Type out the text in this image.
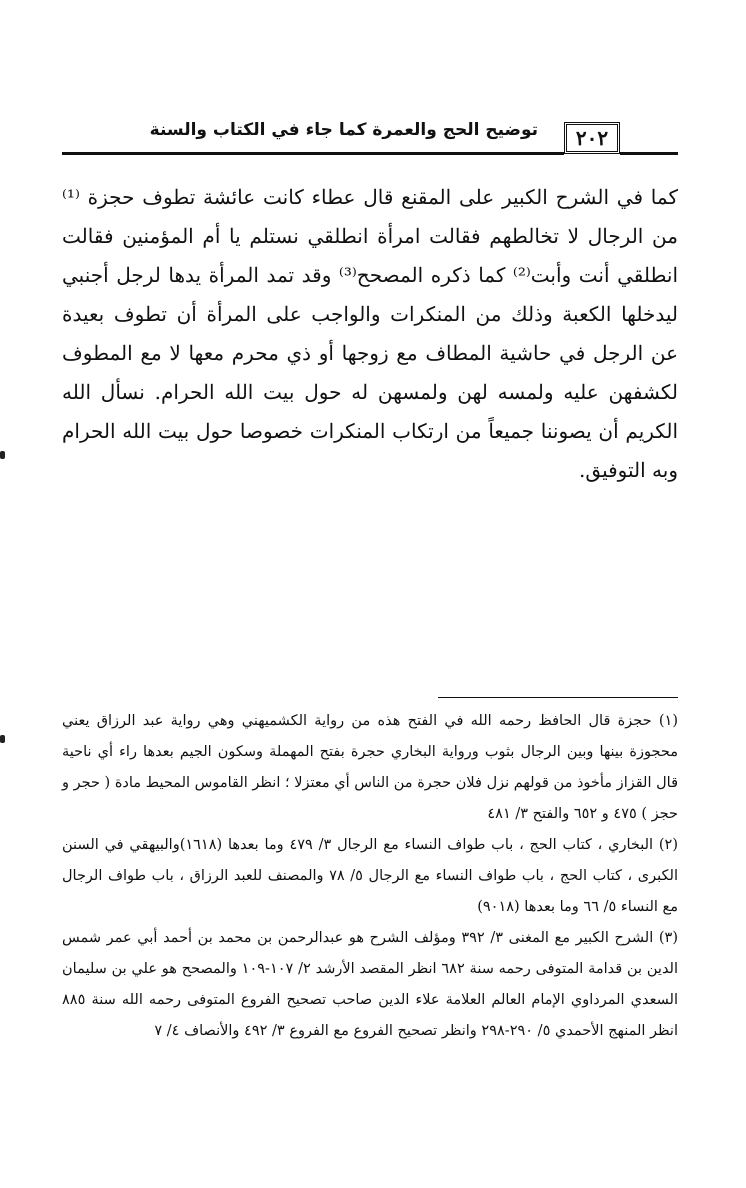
٢٠٢
توضيح الحج والعمرة كما جاء في الكتاب والسنة

كما في الشرح الكبير على المقنع قال عطاء كانت عائشة تطوف حجزة ⁽¹⁾ من الرجال لا تخالطهم فقالت امرأة انطلقي نستلم يا أم المؤمنين فقالت انطلقي أنت وأبت⁽²⁾ كما ذكره المصحح⁽³⁾ وقد تمد المرأة يدها لرجل أجنبي ليدخلها الكعبة وذلك من المنكرات والواجب على المرأة أن تطوف بعيدة عن الرجل في حاشية المطاف مع زوجها أو ذي محرم معها لا مع المطوف لكشفهن عليه ولمسه لهن ولمسهن له حول بيت الله الحرام. نسأل الله الكريم أن يصوننا جميعاً من ارتكاب المنكرات خصوصا حول بيت الله الحرام وبه التوفيق.

(١) حجزة قال الحافظ رحمه الله في الفتح هذه من رواية الكشميهني وهي رواية عبد الرزاق يعني محجوزة بينها وبين الرجال بثوب ورواية البخاري حجرة بفتح المهملة وسكون الجيم بعدها راء أي ناحية قال القزاز مأخوذ من قولهم نزل فلان حجرة من الناس أي معتزلا ؛ انظر القاموس المحيط مادة ( حجر و حجز ) ٤٧٥ و ٦٥٢ والفتح ٣/ ٤٨١

(٢) البخاري ، كتاب الحج ، باب طواف النساء مع الرجال ٣/ ٤٧٩ وما بعدها (١٦١٨)والبيهقي في السنن الكبرى ، كتاب الحج ، باب طواف النساء مع الرجال ٥/ ٧٨ والمصنف للعبد الرزاق ، باب طواف الرجال مع النساء ٥/ ٦٦ وما بعدها (٩٠١٨)

(٣) الشرح الكبير مع المغنى ٣/ ٣٩٢ ومؤلف الشرح هو عبدالرحمن بن محمد بن أحمد أبي عمر شمس الدين بن قدامة المتوفى رحمه سنة ٦٨٢ انظر المقصد الأرشد ٢/ ١٠٧-١٠٩ والمصحح هو علي بن سليمان السعدي المرداوي الإمام العالم العلامة علاء الدين صاحب تصحيح الفروع المتوفى رحمه الله سنة ٨٨٥ انظر المنهج الأحمدي ٥/ ٢٩٠-٢٩٨ وانظر تصحيح الفروع مع الفروع ٣/ ٤٩٢ والأنصاف ٤/ ٧
